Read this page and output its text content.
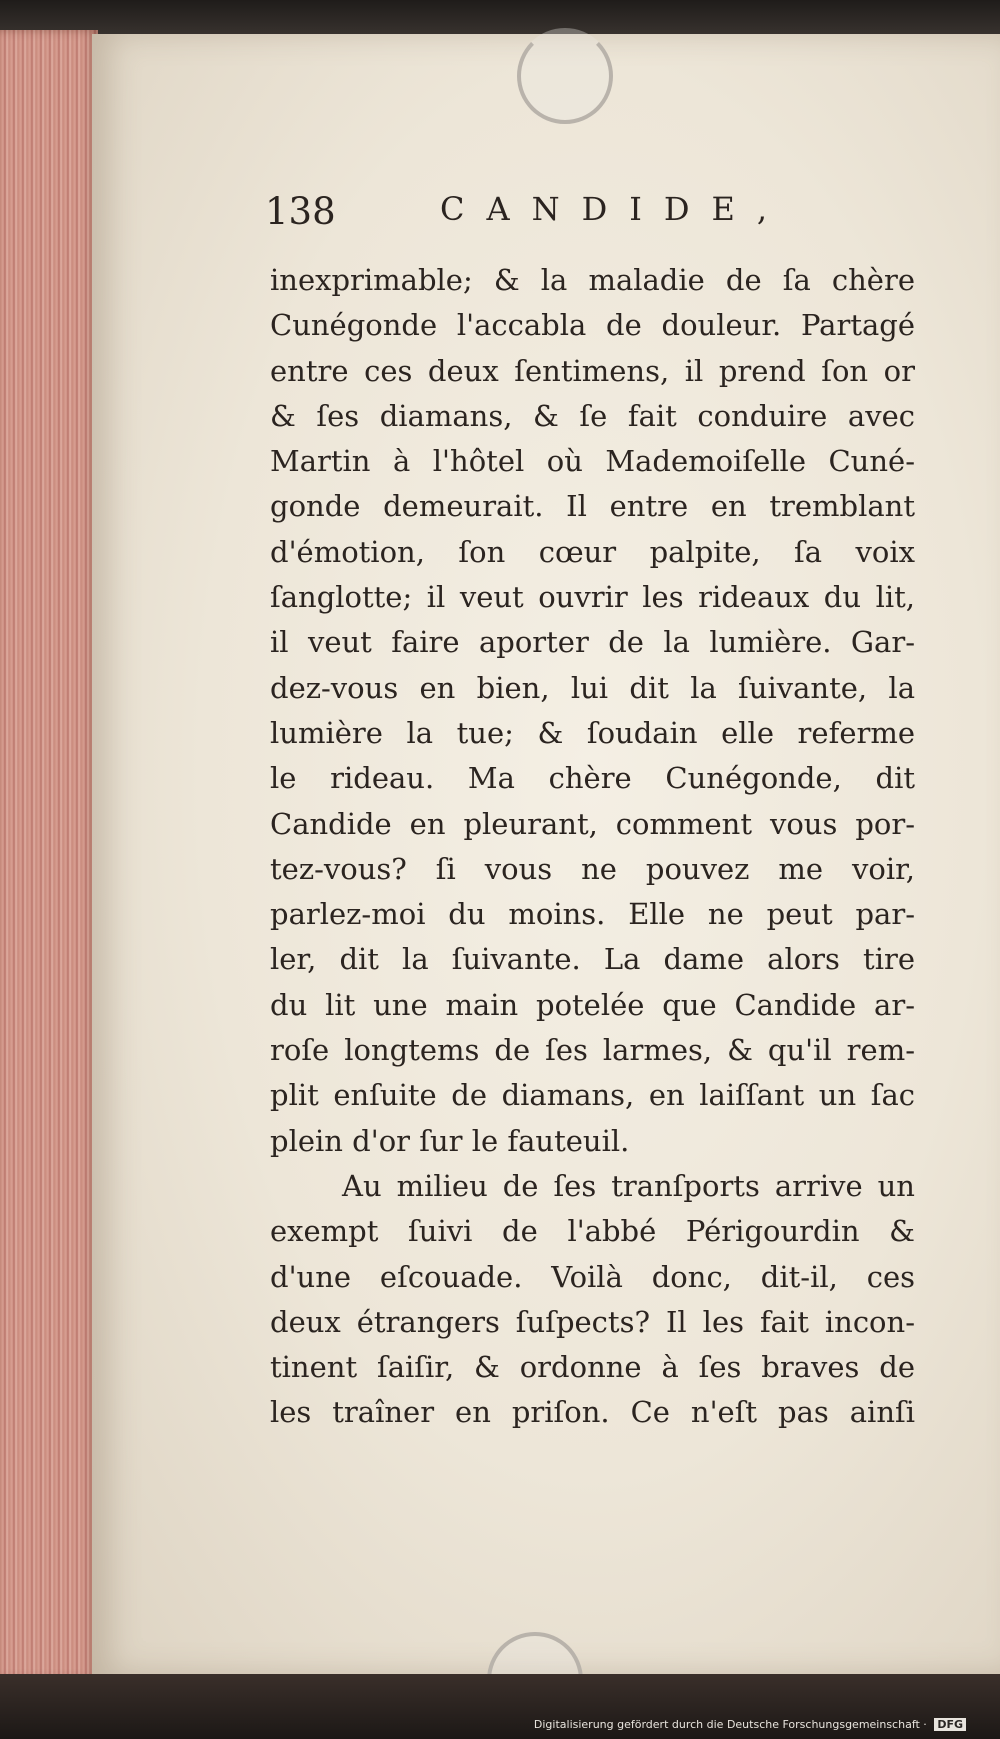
138	CANDIDE,
inexprimable; & la maladie de ſa chère
Cunégonde l'accabla de douleur. Partagé
entre ces deux ſentimens, il prend ſon or
& ſes diamans, & ſe fait conduire avec
Martin à l'hôtel où Mademoiſelle Cuné-
gonde demeurait. Il entre en tremblant
d'émotion, ſon cœur palpite, ſa voix
ſanglotte; il veut ouvrir les rideaux du lit,
il veut faire aporter de la lumière. Gar-
dez-vous en bien, lui dit la ſuivante, la
lumière la tue; & ſoudain elle referme
le rideau. Ma chère Cunégonde, dit
Candide en pleurant, comment vous por-
tez-vous? ſi vous ne pouvez me voir,
parlez-moi du moins. Elle ne peut par-
ler, dit la ſuivante. La dame alors tire
du lit une main potelée que Candide ar-
roſe longtems de ſes larmes, & qu'il rem-
plit enſuite de diamans, en laiſſant un ſac
plein d'or ſur le fauteuil.
Au milieu de ſes tranſports arrive un
exempt ſuivi de l'abbé Périgourdin &
d'une eſcouade. Voilà donc, dit-il, ces
deux étrangers ſuſpects? Il les fait incon-
tinent ſaiſir, & ordonne à ſes braves de
les traîner en priſon. Ce n'eſt pas ainſi
Digitalisierung gefördert durch die Deutsche Forschungsgemeinschaft · DFG
